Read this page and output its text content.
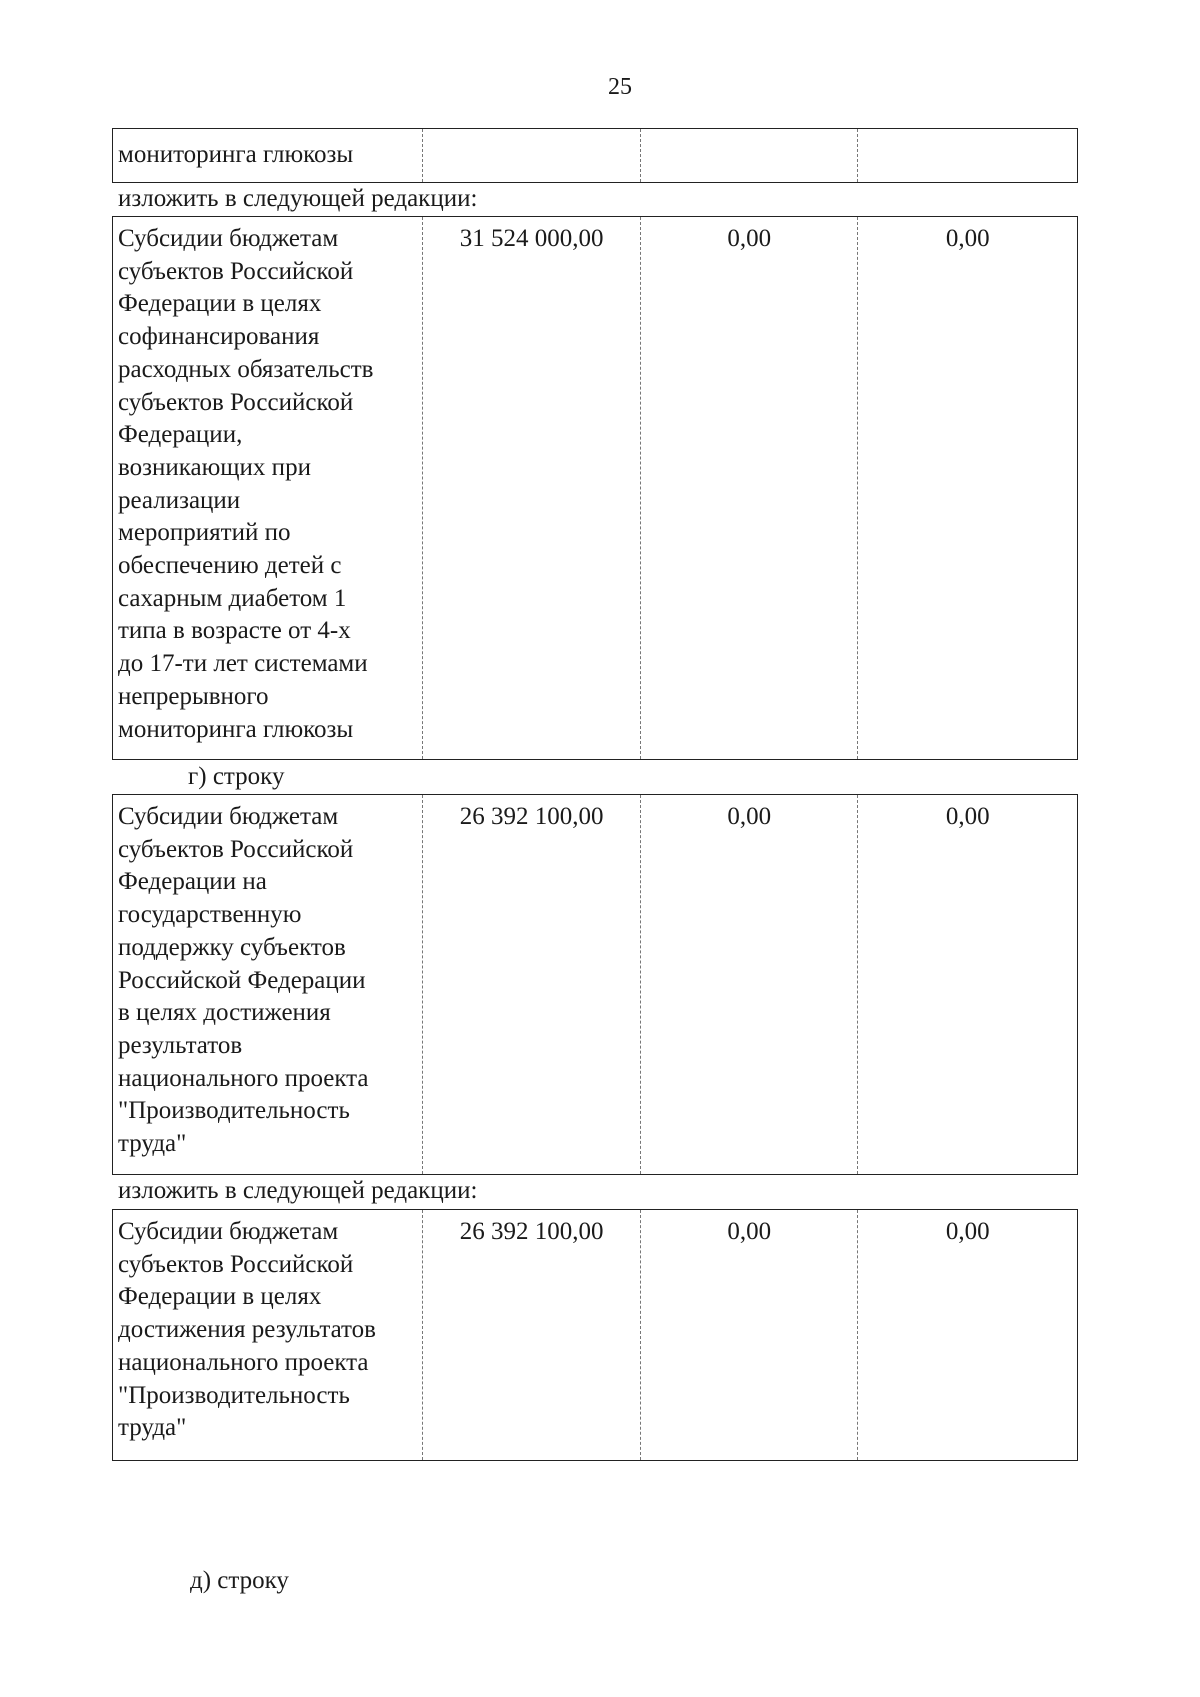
25
мониторинга глюкозы
изложить в следующей редакции:
Субсидии бюджетам
субъектов Российской
Федерации в целях
софинансирования
расходных обязательств
субъектов Российской
Федерации,
возникающих при
реализации
мероприятий по
обеспечению детей с
сахарным диабетом 1
типа в возрасте от 4-х
до 17-ти лет системами
непрерывного
мониторинга глюкозы
31 524 000,00	0,00	0,00
г) строку
Субсидии бюджетам
субъектов Российской
Федерации на
государственную
поддержку субъектов
Российской Федерации
в целях достижения
результатов
национального проекта
"Производительность
труда"
26 392 100,00	0,00	0,00
изложить в следующей редакции:
Субсидии бюджетам
субъектов Российской
Федерации в целях
достижения результатов
национального проекта
"Производительность
труда"
26 392 100,00	0,00	0,00
д) строку
